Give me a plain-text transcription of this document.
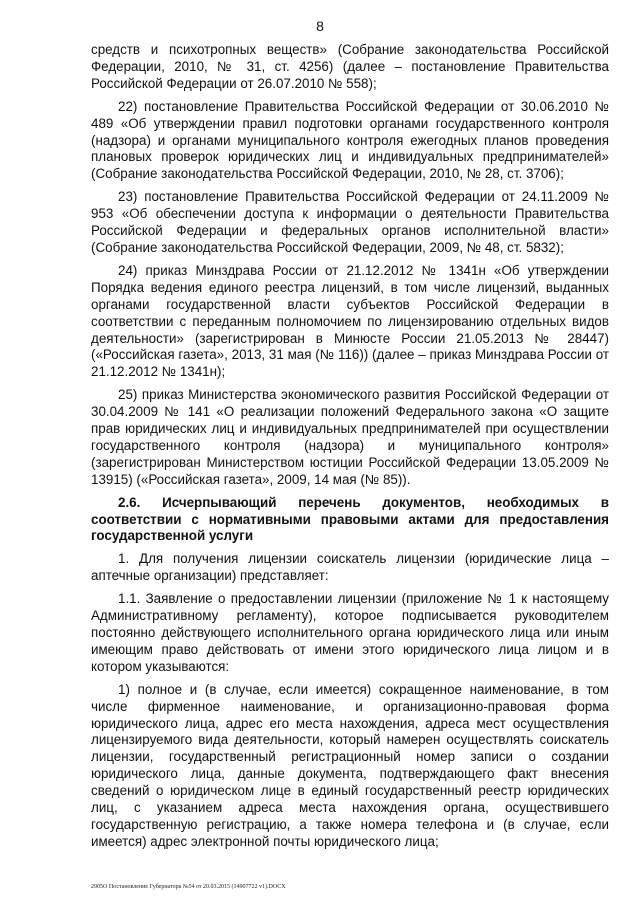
8

средств и психотропных веществ» (Собрание законодательства Российской Федерации, 2010, № 31, ст. 4256) (далее – постановление Правительства Российской Федерации от 26.07.2010 № 558);

22) постановление Правительства Российской Федерации от 30.06.2010 № 489 «Об утверждении правил подготовки органами государственного контроля (надзора) и органами муниципального контроля ежегодных планов проведения плановых проверок юридических лиц и индивидуальных предпринимателей» (Собрание законодательства Российской Федерации, 2010, № 28, ст. 3706);

23) постановление Правительства Российской Федерации от 24.11.2009 № 953 «Об обеспечении доступа к информации о деятельности Правительства Российской Федерации и федеральных органов исполнительной власти» (Собрание законодательства Российской Федерации, 2009, № 48, ст. 5832);

24) приказ Минздрава России от 21.12.2012 № 1341н «Об утверждении Порядка ведения единого реестра лицензий, в том числе лицензий, выданных органами государственной власти субъектов Российской Федерации в соответствии с переданным полномочием по лицензированию отдельных видов деятельности» (зарегистрирован в Минюсте России 21.05.2013 № 28447) («Российская газета», 2013, 31 мая (№ 116)) (далее – приказ Минздрава России от 21.12.2012 № 1341н);

25) приказ Министерства экономического развития Российской Федерации от 30.04.2009 № 141 «О реализации положений Федерального закона «О защите прав юридических лиц и индивидуальных предпринимателей при осуществлении государственного контроля (надзора) и муниципального контроля» (зарегистрирован Министерством юстиции Российской Федерации 13.05.2009 № 13915) («Российская газета», 2009, 14 мая (№ 85)).

2.6. Исчерпывающий перечень документов, необходимых в соответствии с нормативными правовыми актами для предоставления государственной услуги

1. Для получения лицензии соискатель лицензии (юридические лица – аптечные организации) представляет:

1.1. Заявление о предоставлении лицензии (приложение № 1 к настоящему Административному регламенту), которое подписывается руководителем постоянно действующего исполнительного органа юридического лица или иным имеющим право действовать от имени этого юридического лица лицом и в котором указываются:

1) полное и (в случае, если имеется) сокращенное наименование, в том числе фирменное наименование, и организационно-правовая форма юридического лица, адрес его места нахождения, адреса мест осуществления лицензируемого вида деятельности, который намерен осуществлять соискатель лицензии, государственный регистрационный номер записи о создании юридического лица, данные документа, подтверждающего факт внесения сведений о юридическом лице в единый государственный реестр юридических лиц, с указанием адреса места нахождения органа, осуществившего государственную регистрацию, а также номера телефона и (в случае, если имеется) адрес электронной почты юридического лица;

2905О Постановление Губернатора №54 от 20.03.2015 (14907722 v1).DOCX
